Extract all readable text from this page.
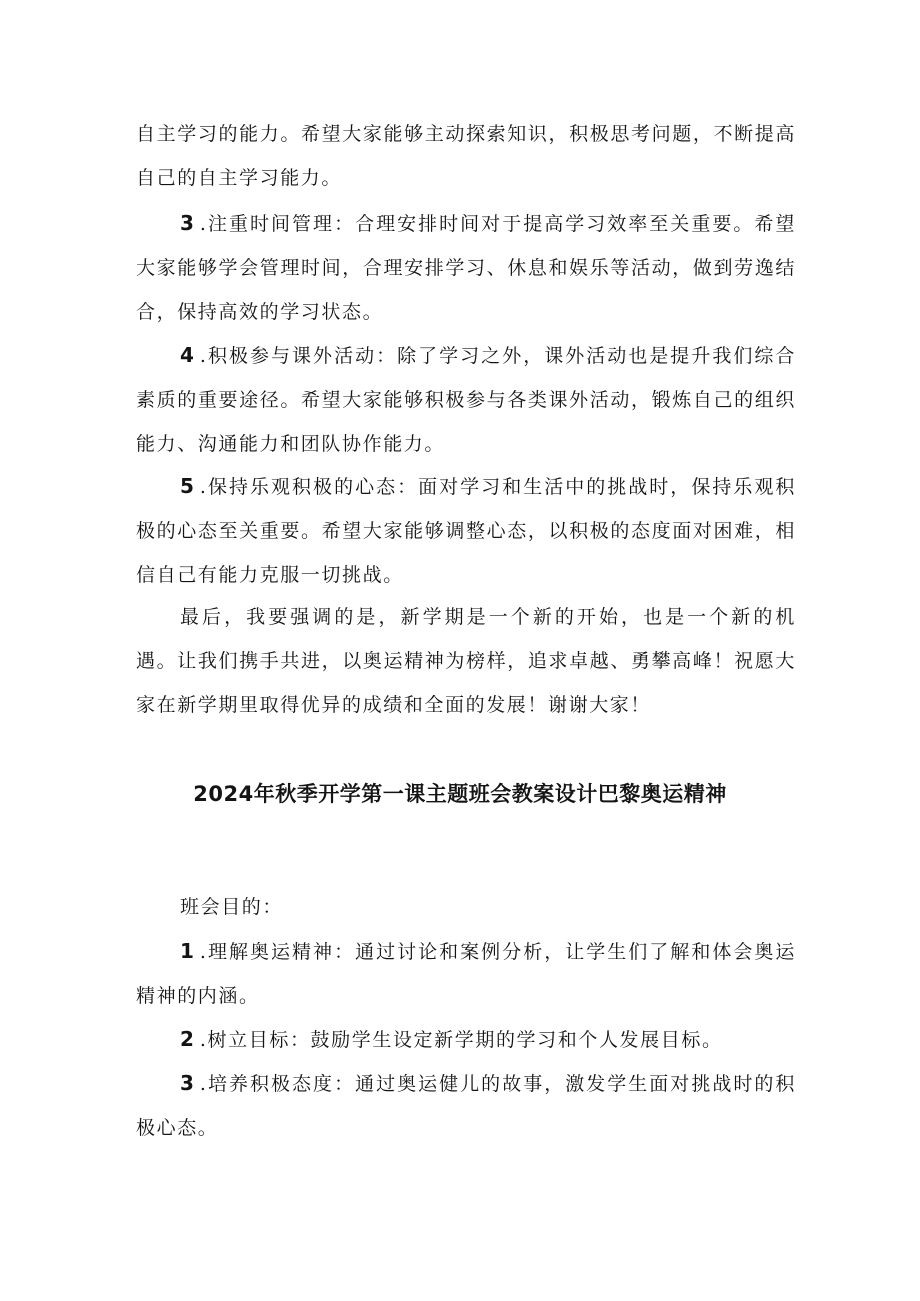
自主学习的能力。希望大家能够主动探索知识，积极思考问题，不断提高自己的自主学习能力。

3 .注重时间管理：合理安排时间对于提高学习效率至关重要。希望大家能够学会管理时间，合理安排学习、休息和娱乐等活动，做到劳逸结合，保持高效的学习状态。

4 .积极参与课外活动：除了学习之外，课外活动也是提升我们综合素质的重要途径。希望大家能够积极参与各类课外活动，锻炼自己的组织能力、沟通能力和团队协作能力。

5 .保持乐观积极的心态：面对学习和生活中的挑战时，保持乐观积极的心态至关重要。希望大家能够调整心态，以积极的态度面对困难，相信自己有能力克服一切挑战。

最后，我要强调的是，新学期是一个新的开始，也是一个新的机遇。让我们携手共进，以奥运精神为榜样，追求卓越、勇攀高峰！祝愿大家在新学期里取得优异的成绩和全面的发展！谢谢大家！

2024年秋季开学第一课主题班会教案设计巴黎奥运精神

班会目的：

1 .理解奥运精神：通过讨论和案例分析，让学生们了解和体会奥运精神的内涵。

2 .树立目标：鼓励学生设定新学期的学习和个人发展目标。

3 .培养积极态度：通过奥运健儿的故事，激发学生面对挑战时的积极心态。
